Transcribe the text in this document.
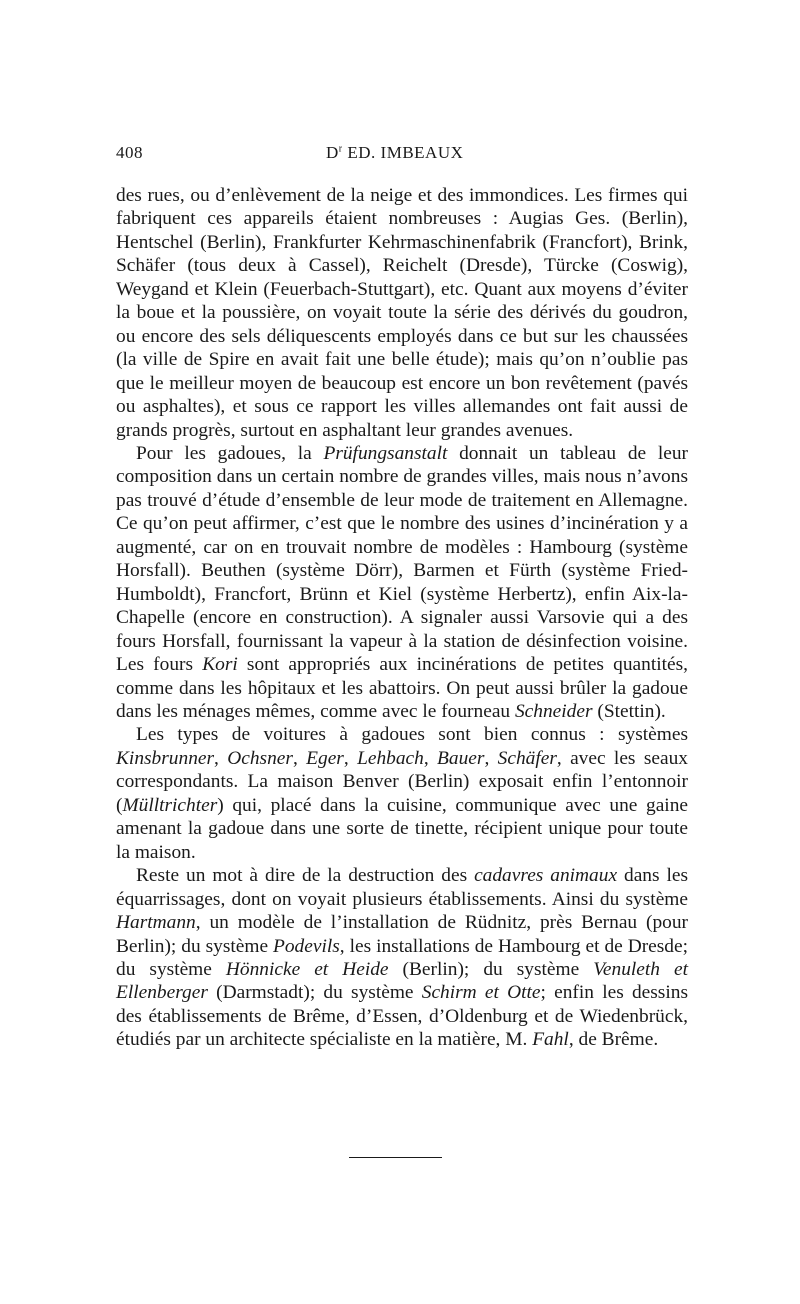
408	$D^r$ ED. IMBEAUX

des rues, ou d’enlèvement de la neige et des immondices. Les firmes qui fabriquent ces appareils étaient nombreuses : Augias Ges. (Berlin), Hentschel (Berlin), Frankfurter Kehrmaschinenfabrik (Francfort), Brink, Schäfer (tous deux à Cassel), Reichelt (Dresde), Türcke (Coswig), Weygand et Klein (Feuerbach-Stuttgart), etc. Quant aux moyens d’éviter la boue et la poussière, on voyait toute la série des dérivés du goudron, ou encore des sels déliquescents employés dans ce but sur les chaussées (la ville de Spire en avait fait une belle étude); mais qu’on n’oublie pas que le meilleur moyen de beaucoup est encore un bon revêtement (pavés ou asphaltes), et sous ce rapport les villes allemandes ont fait aussi de grands progrès, surtout en asphaltant leur grandes avenues.

Pour les gadoues, la Prüfungsanstalt donnait un tableau de leur composition dans un certain nombre de grandes villes, mais nous n’avons pas trouvé d’étude d’ensemble de leur mode de traitement en Allemagne. Ce qu’on peut affirmer, c’est que le nombre des usines d’incinération y a augmenté, car on en trouvait nombre de modèles : Hambourg (système Horsfall). Beuthen (système Dörr), Barmen et Fürth (système Fried-Humboldt), Francfort, Brünn et Kiel (système Herbertz), enfin Aix-la-Chapelle (encore en construction). A signaler aussi Varsovie qui a des fours Horsfall, fournissant la vapeur à la station de désinfection voisine. Les fours Kori sont appropriés aux incinérations de petites quantités, comme dans les hôpitaux et les abattoirs. On peut aussi brûler la gadoue dans les ménages mêmes, comme avec le fourneau Schneider (Stettin).

Les types de voitures à gadoues sont bien connus : systèmes Kinsbrunner, Ochsner, Eger, Lehbach, Bauer, Schäfer, avec les seaux correspondants. La maison Benver (Berlin) exposait enfin l’entonnoir (Mülltrichter) qui, placé dans la cuisine, communique avec une gaine amenant la gadoue dans une sorte de tinette, récipient unique pour toute la maison.

Reste un mot à dire de la destruction des cadavres animaux dans les équarrissages, dont on voyait plusieurs établissements. Ainsi du système Hartmann, un modèle de l’installation de Rüdnitz, près Bernau (pour Berlin); du système Podevils, les installations de Hambourg et de Dresde; du système Hönnicke et Heide (Berlin); du système Venuleth et Ellenberger (Darmstadt); du système Schirm et Otte; enfin les dessins des établissements de Brême, d’Essen, d’Oldenburg et de Wiedenbrück, étudiés par un architecte spécialiste en la matière, M. Fahl, de Brême.
